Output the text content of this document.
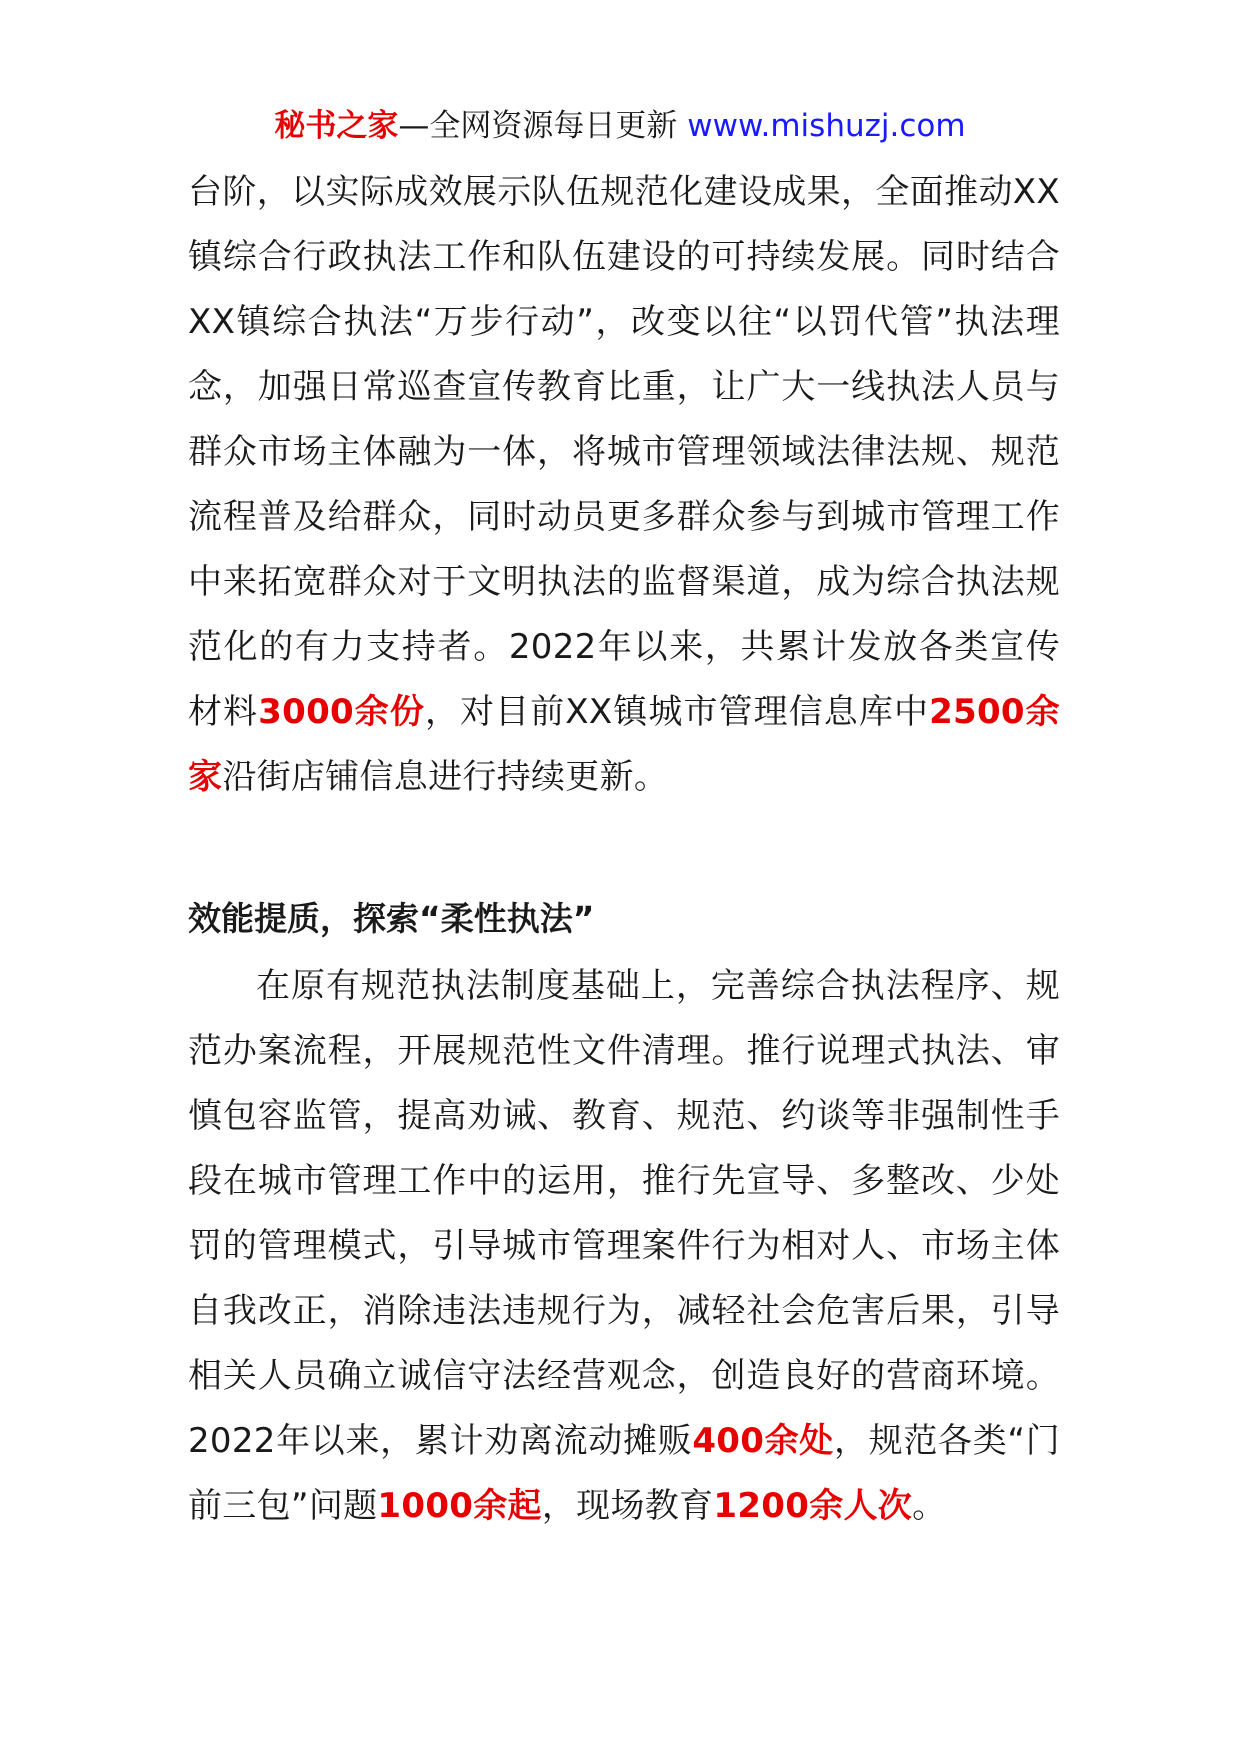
秘书之家—全网资源每日更新 www.mishuzj.com

台阶，以实际成效展示队伍规范化建设成果，全面推动XX镇综合行政执法工作和队伍建设的可持续发展。同时结合XX镇综合执法“万步行动”，改变以往“以罚代管”执法理念，加强日常巡查宣传教育比重，让广大一线执法人员与群众市场主体融为一体，将城市管理领域法律法规、规范流程普及给群众，同时动员更多群众参与到城市管理工作中来拓宽群众对于文明执法的监督渠道，成为综合执法规范化的有力支持者。2022年以来，共累计发放各类宣传材料3000余份，对目前XX镇城市管理信息库中2500余家沿街店铺信息进行持续更新。

效能提质，探索“柔性执法”

在原有规范执法制度基础上，完善综合执法程序、规范办案流程，开展规范性文件清理。推行说理式执法、审慎包容监管，提高劝诫、教育、规范、约谈等非强制性手段在城市管理工作中的运用，推行先宣导、多整改、少处罚的管理模式，引导城市管理案件行为相对人、市场主体自我改正，消除违法违规行为，减轻社会危害后果，引导相关人员确立诚信守法经营观念，创造良好的营商环境。2022年以来，累计劝离流动摊贩400余处，规范各类“门前三包”问题1000余起，现场教育1200余人次。
